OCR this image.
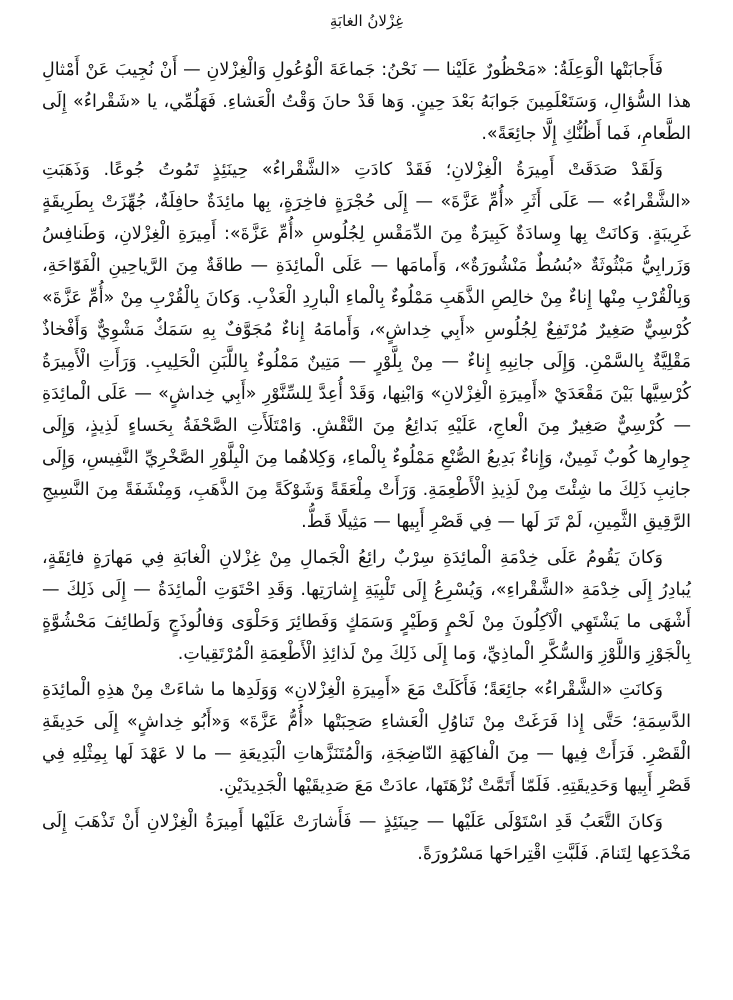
غِزْلانُ الغابَةِ

فَأَجابَتْها الْوَعِلَةُ: «مَحْظُورٌ عَلَيْنا — نَحْنُ: جَماعَةَ الْوُعُولِ وَالْغِزْلانِ — أَنْ نُجِيبَ عَنْ أَمْثالِ هذا السُّؤالِ، وَسَتَعْلَمِينَ جَوابَهُ بَعْدَ حِينٍ. وَها قَدْ حانَ وَقْتُ الْعَشاءِ. فَهَلُمِّي، يا «شَقْراءُ» إِلَى الطَّعامِ، فَما أَظُنُّكِ إِلَّا جائِعَةً».

وَلَقَدْ صَدَقَتْ أَمِيرَةُ الْغِزْلانِ؛ فَقَدْ كادَتِ «الشَّقْراءُ» حِينَئِذٍ تَمُوتُ جُوعًا. وَذَهَبَتِ «الشَّقْراءُ» — عَلَى أَثَرِ «أُمِّ عَزَّةَ» — إِلَى حُجْرَةٍ فاخِرَةٍ، بِها مائِدَةٌ حافِلَةٌ، جُهِّزَتْ بِطَرِيقَةٍ غَرِيبَةٍ. وَكانَتْ بِها وِسادَةٌ كَبِيرَةٌ مِنَ الدِّمَقْسِ لِجُلُوسِ «أُمِّ عَزَّةَ»: أَمِيرَةِ الْغِزْلانِ، وَطَنافِسُ وَزَرابِيُّ مَبْثُوثَةٌ «بُسُطٌ مَنْشُورَةٌ»، وَأَمامَها — عَلَى الْمائِدَةِ — طاقَةٌ مِنَ الرَّياحِينِ الْفَوّاحَةِ، وَبِالْقُرْبِ مِنْها إِناءٌ مِنْ خالِصِ الذَّهَبِ مَمْلُوءٌ بِالْماءِ الْبارِدِ الْعَذْبِ. وَكانَ بِالْقُرْبِ مِنْ «أُمِّ عَزَّةَ» كُرْسِيٌّ صَغِيرٌ مُرْتَفِعٌ لِجُلُوسِ «أَبِي خِداشٍ»، وَأَمامَهُ إِناءٌ مُجَوَّفٌ بِهِ سَمَكٌ مَشْوِيٌّ وَأَفْخاذٌ مَقْلِيَّةٌ بِالسَّمْنِ. وَإِلَى جانِبِهِ إِناءٌ — مِنْ بِلَّوْرٍ — مَتِينٌ مَمْلُوءٌ بِاللَّبَنِ الْحَلِيبِ. وَرَأَتِ الْأَمِيرَةُ كُرْسِيَّها بَيْنَ مَقْعَدَيْ «أَمِيرَةِ الْغِزْلانِ» وَابْنِها، وَقَدْ أُعِدَّ لِلسِّنَّوْرِ «أَبِي خِداشٍ» — عَلَى الْمائِدَةِ — كُرْسِيٌّ صَغِيرٌ مِنَ الْعاجِ، عَلَيْهِ بَدائِعُ مِنَ النَّقْشِ. وَامْتَلَأَتِ الصَّحْفَةُ بِحَساءٍ لَذِيذٍ، وَإِلَى جِوارِها كُوبٌ ثَمِينٌ، وَإِناءٌ بَدِيعُ الصُّنْعِ مَمْلُوءٌ بِالْماءِ، وَكِلاهُما مِنَ الْبِلَّوْرِ الصَّخْرِيِّ النَّفِيسِ، وَإِلَى جانِبِ ذَلِكَ ما شِئْتَ مِنْ لَذِيذِ الْأَطْعِمَةِ. وَرَأَتْ مِلْعَقَةً وَشَوْكَةً مِنَ الذَّهَبِ، وَمِنْشَفَةً مِنَ النَّسِيجِ الرَّقِيقِ الثَّمِينِ، لَمْ تَرَ لَها — فِي قَصْرِ أَبِيها — مَثِيلًا قَطُّ.

وَكانَ يَقُومُ عَلَى خِدْمَةِ الْمائِدَةِ سِرْبٌ رائِعُ الْجَمالِ مِنْ غِزْلانِ الْغابَةِ فِي مَهارَةٍ فائِقَةٍ، يُبادِرُ إِلَى خِدْمَةِ «الشَّقْراءِ»، وَيُسْرِعُ إِلَى تَلْبِيَةِ إِشارَتِها. وَقَدِ احْتَوَتِ الْمائِدَةُ — إِلَى ذَلِكَ — أَشْهَى ما يَشْتَهِي الْآكِلُونَ مِنْ لَحْمٍ وَطَيْرٍ وَسَمَكٍ وَفَطائِرَ وَحَلْوَى وَفالُوذَجٍ وَلَطائِفَ مَحْشُوَّةٍ بِالْجَوْزِ وَاللَّوْزِ وَالسُّكَّرِ الْماذِيِّ، وَما إِلَى ذَلِكَ مِنْ لَذائِذِ الْأَطْعِمَةِ الْمُرْتَقِياتِ.

وَكانَتِ «الشَّقْراءُ» جائِعَةً؛ فَأَكَلَتْ مَعَ «أَمِيرَةِ الْغِزْلانِ» وَوَلَدِها ما شاءَتْ مِنْ هذِهِ الْمائِدَةِ الدَّسِمَةِ؛ حَتَّى إِذا فَرَغَتْ مِنْ تَناوُلِ الْعَشاءِ صَحِبَتْها «أُمُّ عَزَّةَ» وَ«أَبُو خِداشٍ» إِلَى حَدِيقَةِ الْقَصْرِ. فَرَأَتْ فِيها — مِنَ الْفاكِهَةِ النّاضِجَةِ، وَالْمُتَنَزَّهاتِ الْبَدِيعَةِ — ما لا عَهْدَ لَها بِمِثْلِهِ فِي قَصْرِ أَبِيها وَحَدِيقَتِهِ. فَلَمّا أَتَمَّتْ نُزْهَتَها، عادَتْ مَعَ صَدِيقَيْها الْجَدِيدَيْنِ.

وَكانَ التَّعَبُ قَدِ اسْتَوْلَى عَلَيْها — حِينَئِذٍ — فَأَشارَتْ عَلَيْها أَمِيرَةُ الْغِزْلانِ أَنْ تَذْهَبَ إِلَى مَخْدَعِها لِتَنامَ. فَلَبَّتِ اقْتِراحَها مَسْرُورَةً.
